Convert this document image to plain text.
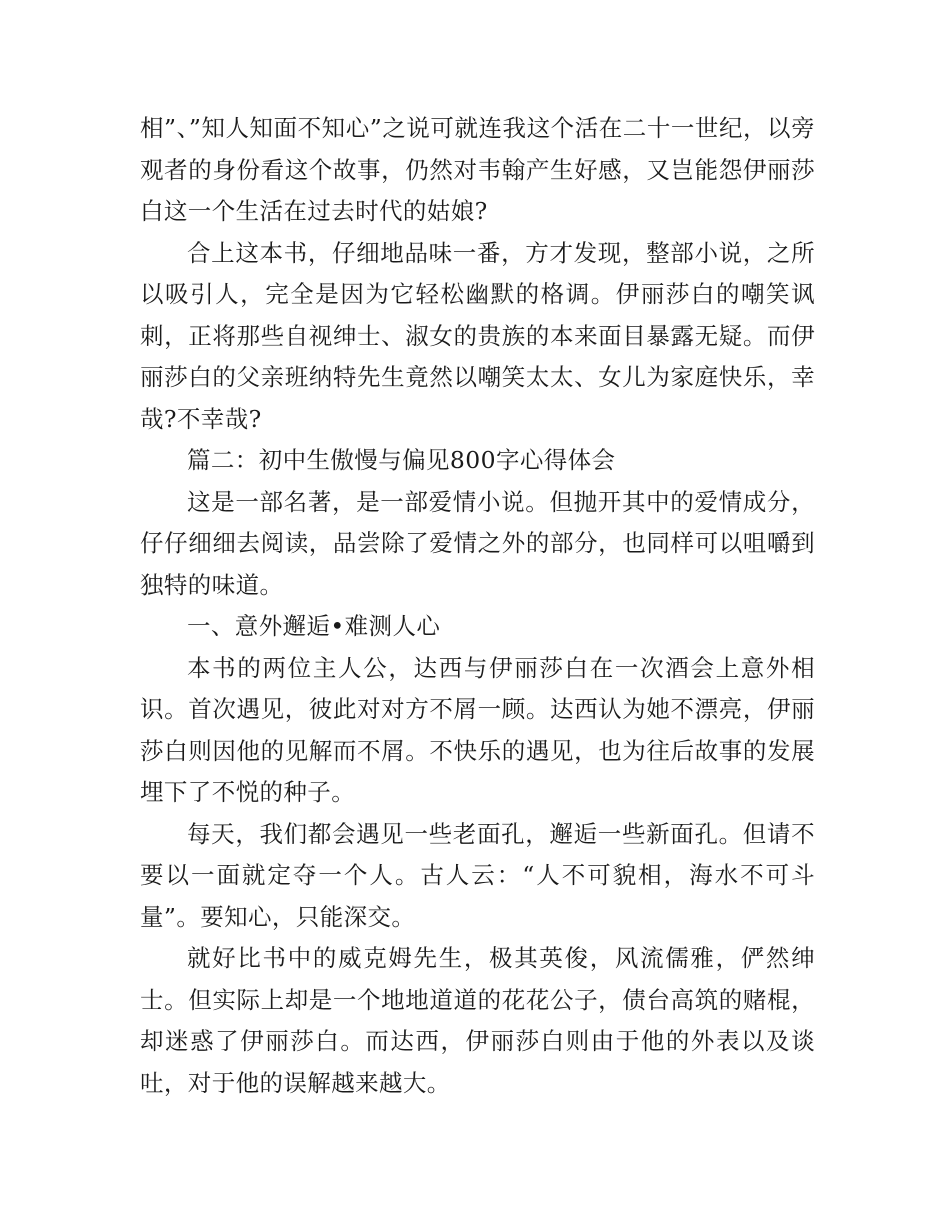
相”、”知人知面不知心”之说可就连我这个活在二十一世纪，以旁观者的身份看这个故事，仍然对韦翰产生好感，又岂能怨伊丽莎白这一个生活在过去时代的姑娘?

合上这本书，仔细地品味一番，方才发现，整部小说，之所以吸引人，完全是因为它轻松幽默的格调。伊丽莎白的嘲笑讽刺，正将那些自视绅士、淑女的贵族的本来面目暴露无疑。而伊丽莎白的父亲班纳特先生竟然以嘲笑太太、女儿为家庭快乐，幸哉?不幸哉?

篇二：初中生傲慢与偏见800字心得体会

这是一部名著，是一部爱情小说。但抛开其中的爱情成分，仔仔细细去阅读，品尝除了爱情之外的部分，也同样可以咀嚼到独特的味道。

一、意外邂逅•难测人心

本书的两位主人公，达西与伊丽莎白在一次酒会上意外相识。首次遇见，彼此对对方不屑一顾。达西认为她不漂亮，伊丽莎白则因他的见解而不屑。不快乐的遇见，也为往后故事的发展埋下了不悦的种子。

每天，我们都会遇见一些老面孔，邂逅一些新面孔。但请不要以一面就定夺一个人。古人云：“人不可貌相，海水不可斗量”。要知心，只能深交。

就好比书中的威克姆先生，极其英俊，风流儒雅，俨然绅士。但实际上却是一个地地道道的花花公子，债台高筑的赌棍，却迷惑了伊丽莎白。而达西，伊丽莎白则由于他的外表以及谈吐，对于他的误解越来越大。
